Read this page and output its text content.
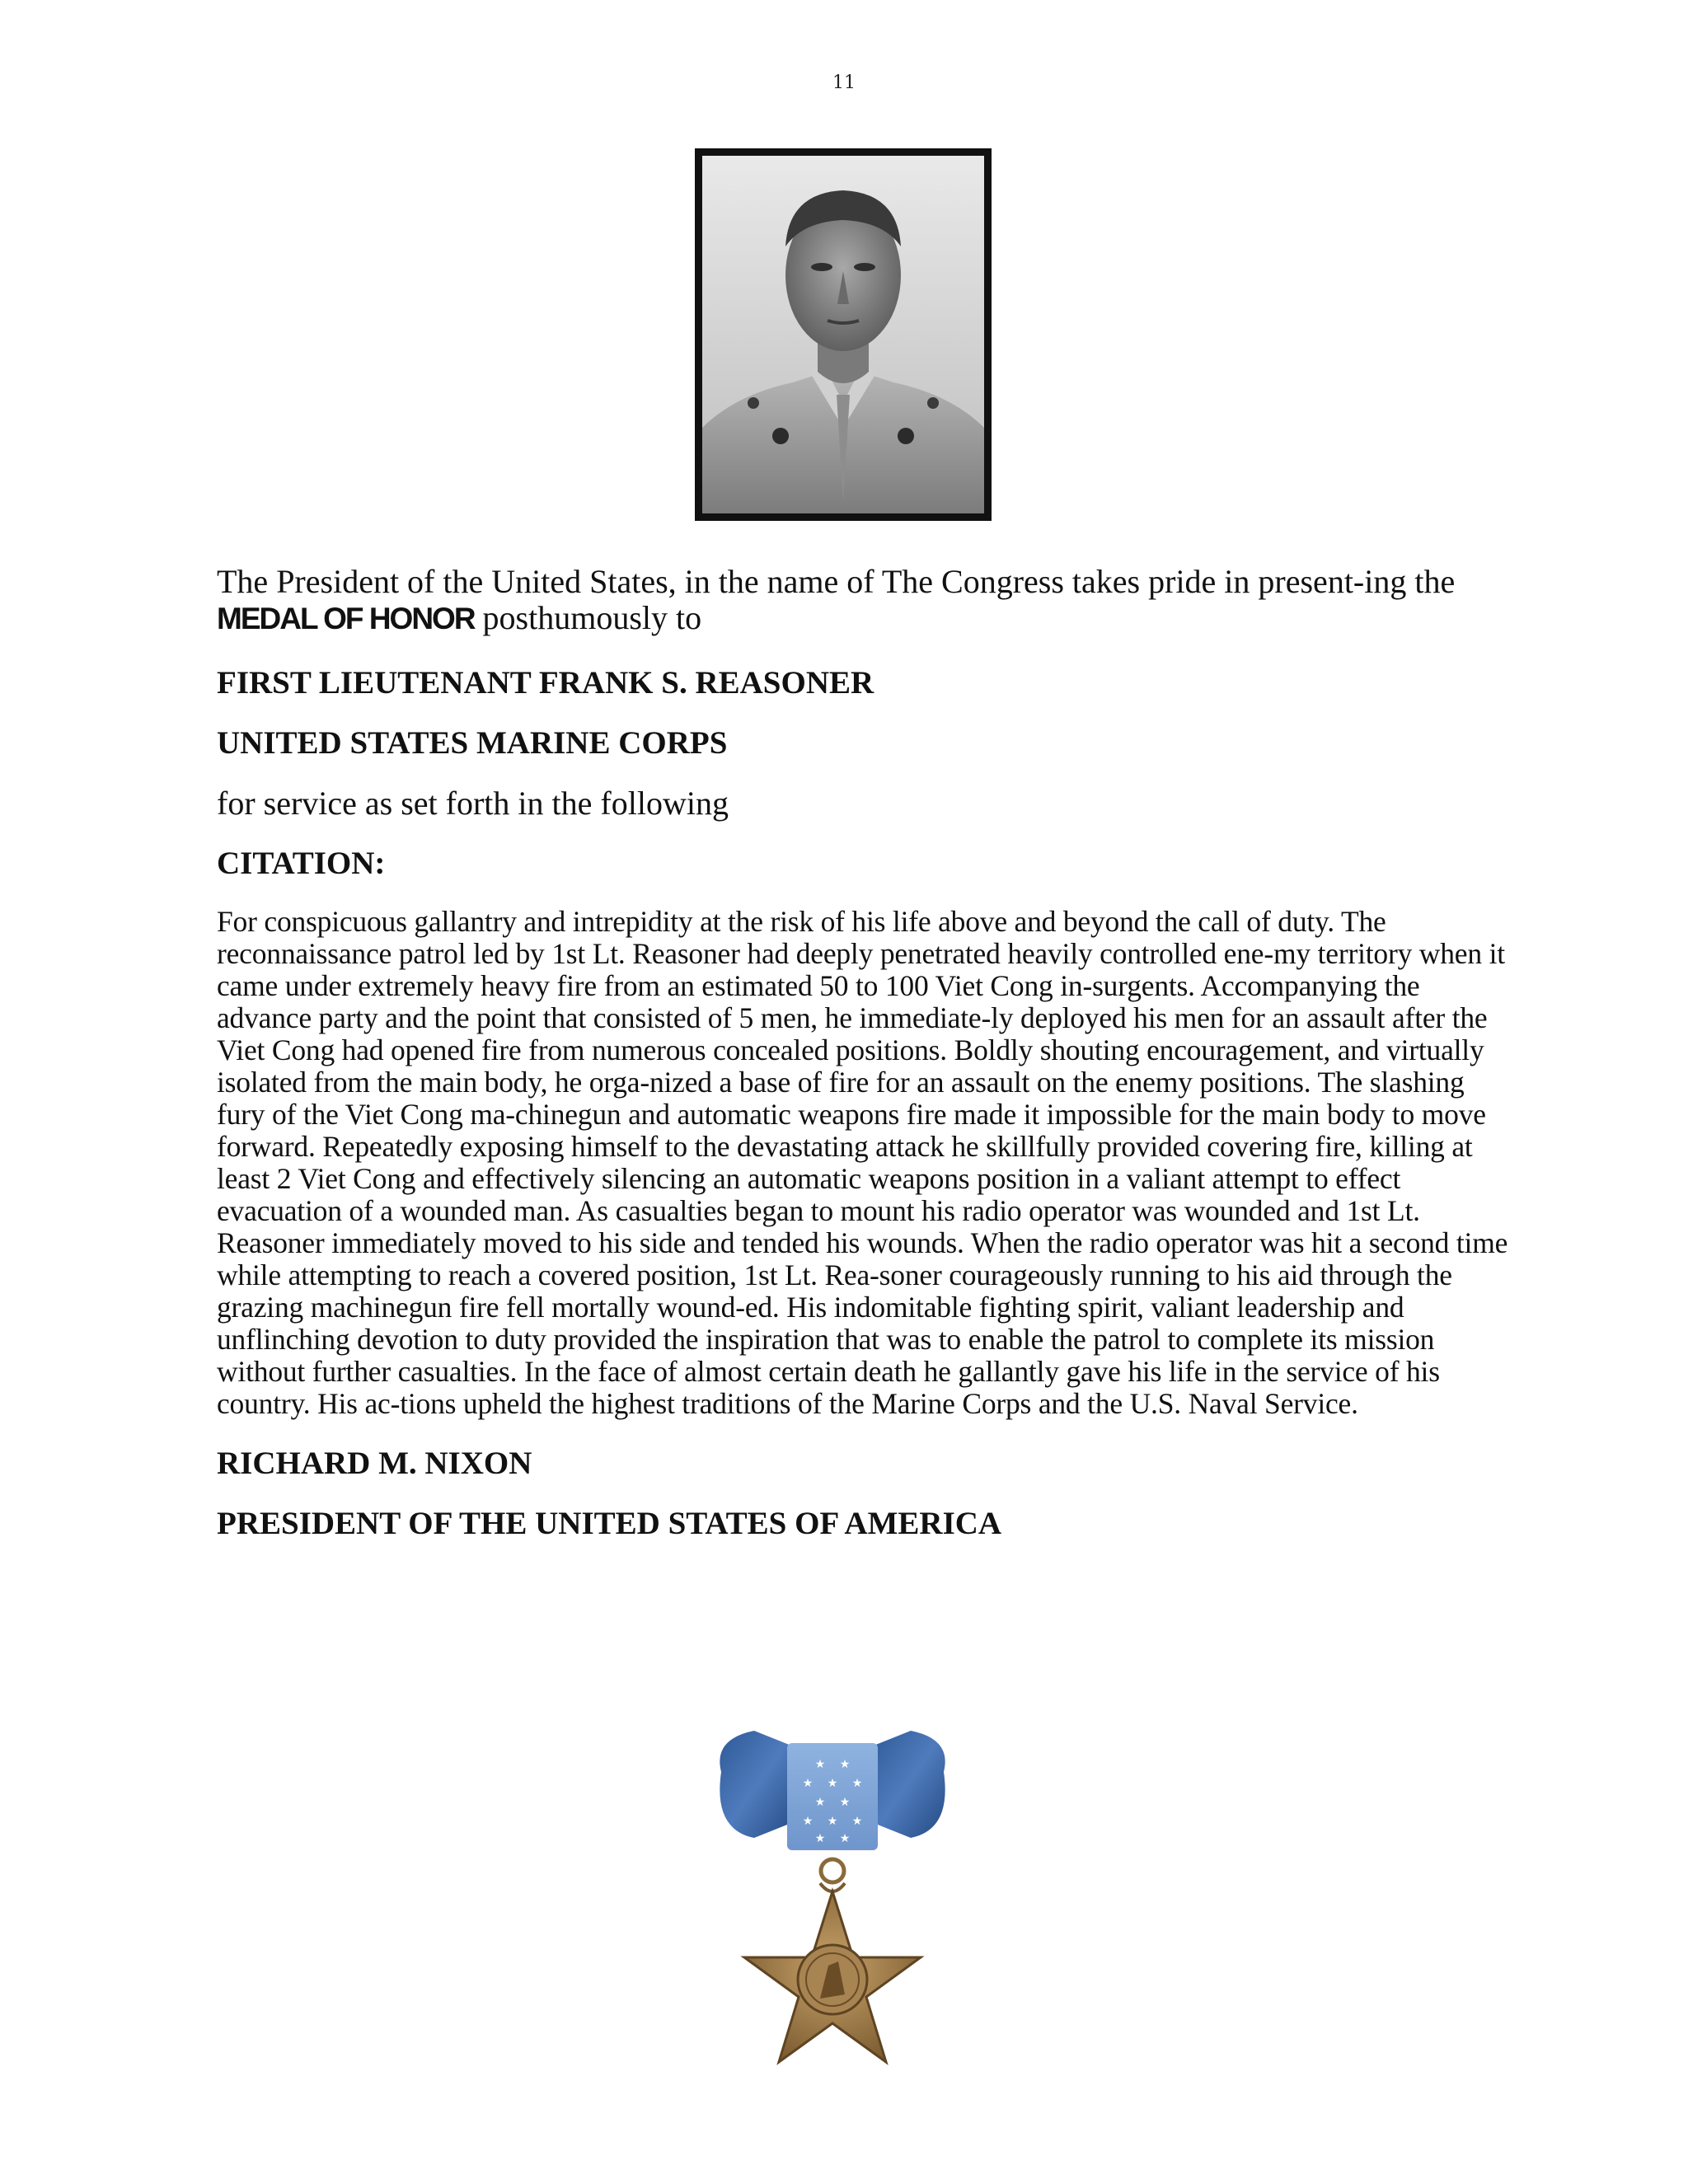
11

The President of the United States, in the name of The Congress takes pride in present-ing the MEDAL OF HONOR posthumously to

FIRST LIEUTENANT FRANK S. REASONER
UNITED STATES MARINE CORPS
for service as set forth in the following
CITATION:

For conspicuous gallantry and intrepidity at the risk of his life above and beyond the call of duty. The reconnaissance patrol led by 1st Lt. Reasoner had deeply penetrated heavily controlled ene-my territory when it came under extremely heavy fire from an estimated 50 to 100 Viet Cong in-surgents. Accompanying the advance party and the point that consisted of 5 men, he immediate-ly deployed his men for an assault after the Viet Cong had opened fire from numerous concealed positions. Boldly shouting encouragement, and virtually isolated from the main body, he orga-nized a base of fire for an assault on the enemy positions. The slashing fury of the Viet Cong ma-chinegun and automatic weapons fire made it impossible for the main body to move forward. Repeatedly exposing himself to the devastating attack he skillfully provided covering fire, killing at least 2 Viet Cong and effectively silencing an automatic weapons position in a valiant attempt to effect evacuation of a wounded man. As casualties began to mount his radio operator was wounded and 1st Lt. Reasoner immediately moved to his side and tended his wounds. When the radio operator was hit a second time while attempting to reach a covered position, 1st Lt. Rea-soner courageously running to his aid through the grazing machinegun fire fell mortally wound-ed. His indomitable fighting spirit, valiant leadership and unflinching devotion to duty provided the inspiration that was to enable the patrol to complete its mission without further casualties. In the face of almost certain death he gallantly gave his life in the service of his country. His ac-tions upheld the highest traditions of the Marine Corps and the U.S. Naval Service.

RICHARD M. NIXON
PRESIDENT OF THE UNITED STATES OF AMERICA
★ ★
★ ★ ★
★ ★
★ ★ ★
★ ★
